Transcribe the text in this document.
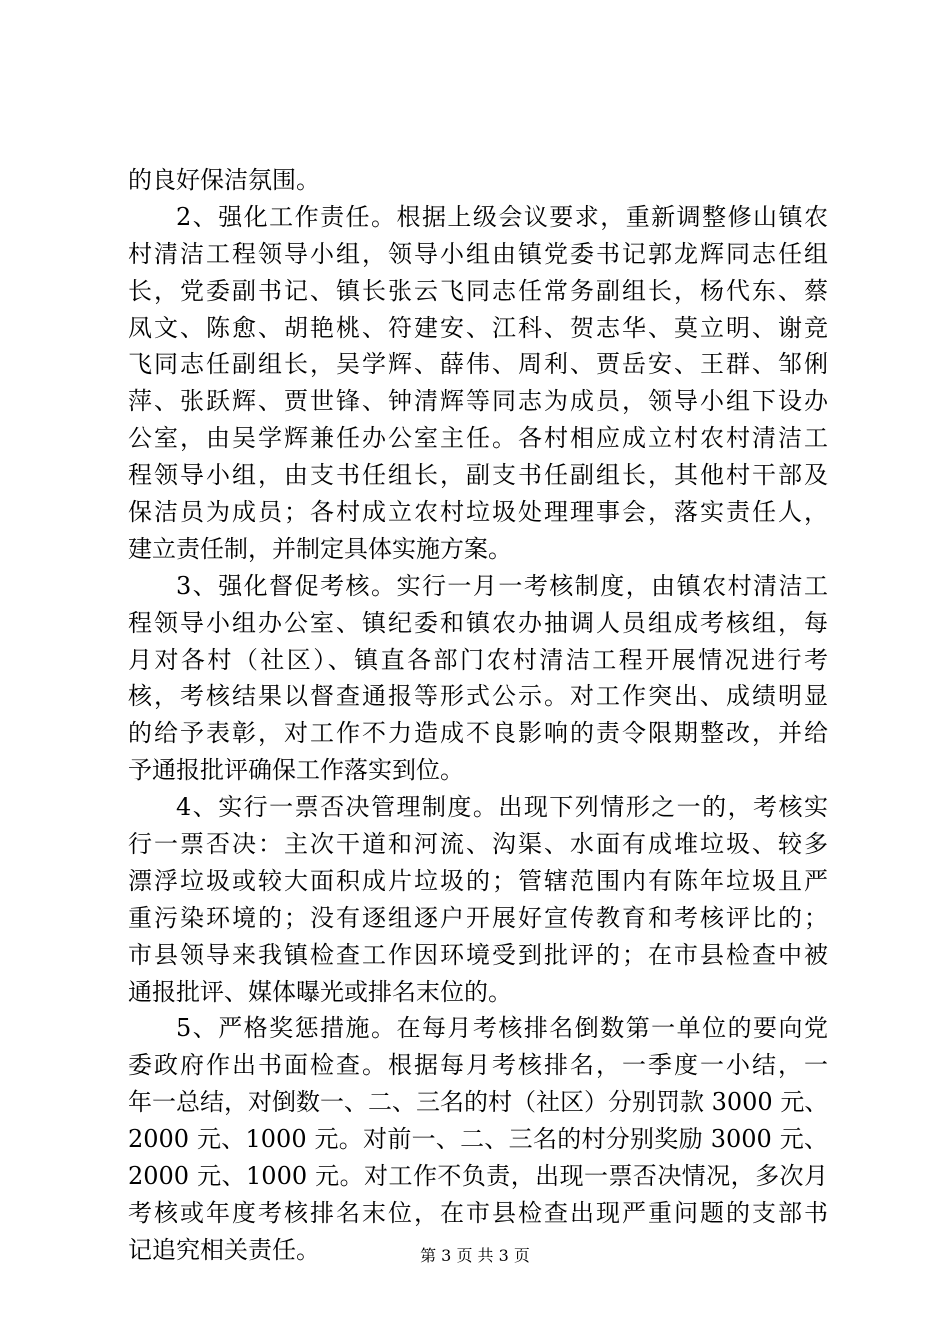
的良好保洁氛围。
2、强化工作责任。根据上级会议要求，重新调整修山镇农
村清洁工程领导小组，领导小组由镇党委书记郭龙辉同志任组
长，党委副书记、镇长张云飞同志任常务副组长，杨代东、蔡
凤文、陈愈、胡艳桃、符建安、江科、贺志华、莫立明、谢竞
飞同志任副组长，吴学辉、薛伟、周利、贾岳安、王群、邹俐
萍、张跃辉、贾世锋、钟清辉等同志为成员，领导小组下设办
公室，由吴学辉兼任办公室主任。各村相应成立村农村清洁工
程领导小组，由支书任组长，副支书任副组长，其他村干部及
保洁员为成员；各村成立农村垃圾处理理事会，落实责任人，
建立责任制，并制定具体实施方案。
3、强化督促考核。实行一月一考核制度，由镇农村清洁工
程领导小组办公室、镇纪委和镇农办抽调人员组成考核组，每
月对各村（社区）、镇直各部门农村清洁工程开展情况进行考
核，考核结果以督查通报等形式公示。对工作突出、成绩明显
的给予表彰，对工作不力造成不良影响的责令限期整改，并给
予通报批评确保工作落实到位。
4、实行一票否决管理制度。出现下列情形之一的，考核实
行一票否决：主次干道和河流、沟渠、水面有成堆垃圾、较多
漂浮垃圾或较大面积成片垃圾的；管辖范围内有陈年垃圾且严
重污染环境的；没有逐组逐户开展好宣传教育和考核评比的；
市县领导来我镇检查工作因环境受到批评的；在市县检查中被
通报批评、媒体曝光或排名末位的。
5、严格奖惩措施。在每月考核排名倒数第一单位的要向党
委政府作出书面检查。根据每月考核排名，一季度一小结，一
年一总结，对倒数一、二、三名的村（社区）分别罚款 3000 元、
2000 元、1000 元。对前一、二、三名的村分别奖励 3000 元、
2000 元、1000 元。对工作不负责，出现一票否决情况，多次月
考核或年度考核排名末位，在市县检查出现严重问题的支部书
记追究相关责任。	第 3 页 共 3 页
